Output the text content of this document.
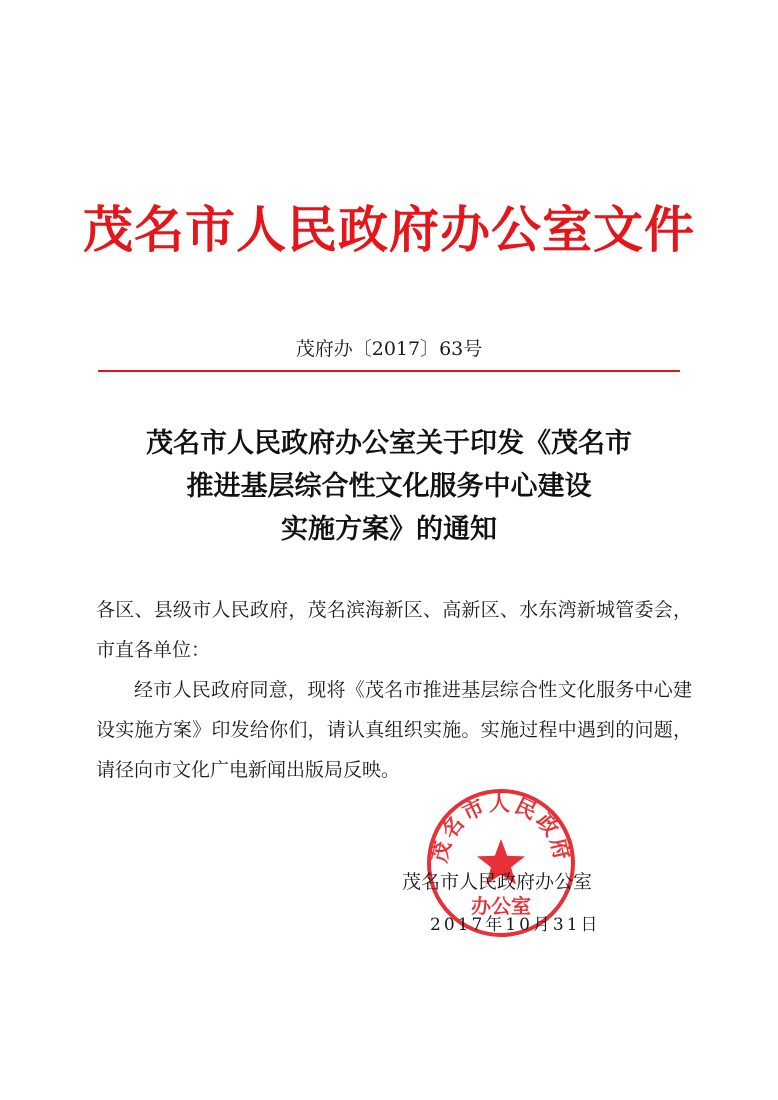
茂名市人民政府办公室文件
茂府办〔2017〕63号
茂名市人民政府办公室关于印发《茂名市
推进基层综合性文化服务中心建设
实施方案》的通知
各区、县级市人民政府，茂名滨海新区、高新区、水东湾新城管委会，市直各单位：
经市人民政府同意，现将《茂名市推进基层综合性文化服务中心建设实施方案》印发给你们，请认真组织实施。实施过程中遇到的问题，请径向市文化广电新闻出版局反映。
茂名市人民政府
办公室
茂名市人民政府办公室
2017年10月31日
